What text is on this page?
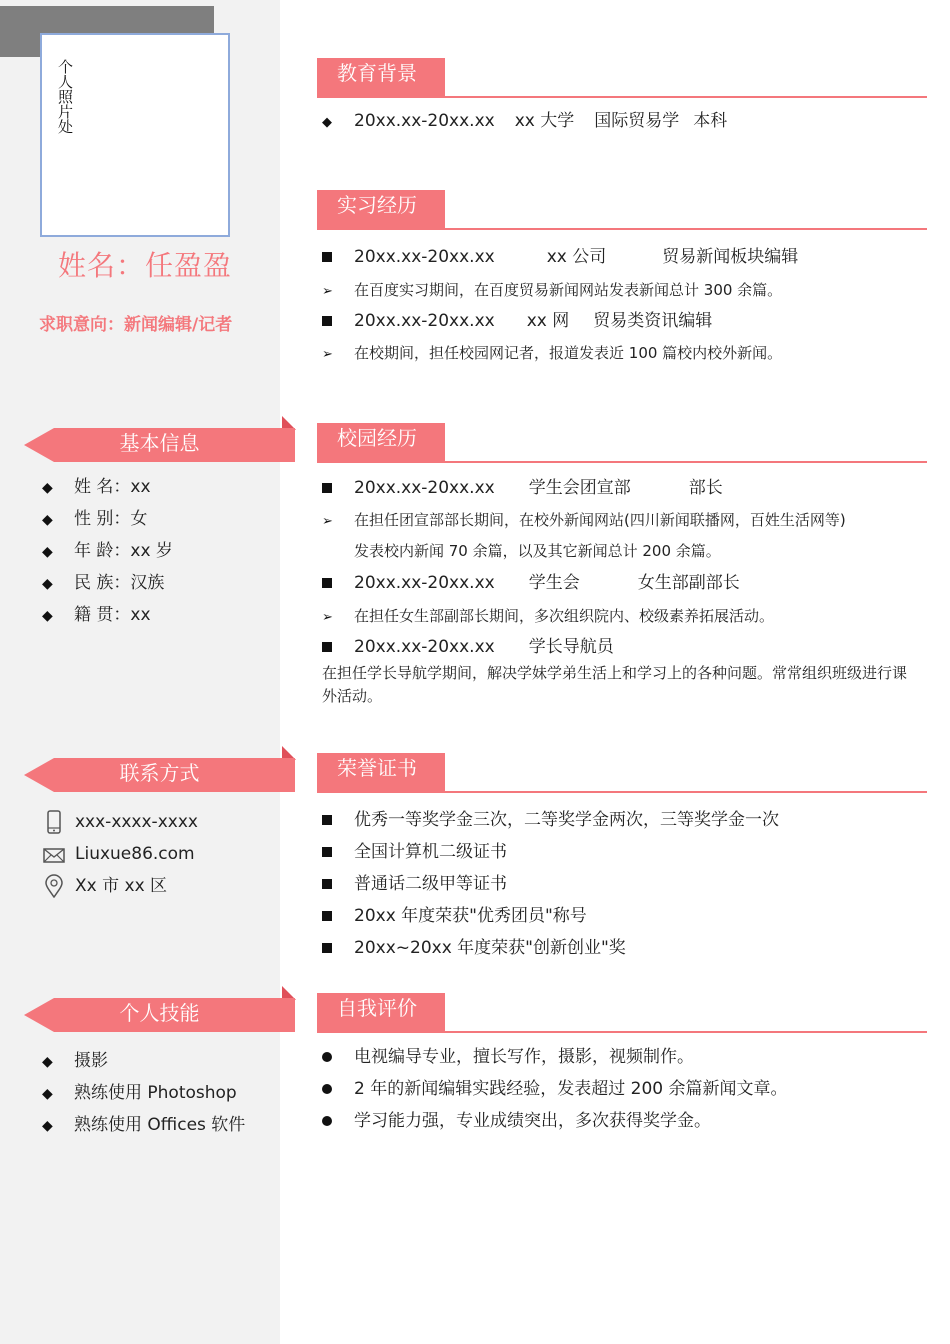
个人照片处
姓名：任盈盈
求职意向：新闻编辑/记者
基本信息
◆ 姓 名：xx
◆ 性 别：女
◆ 年 龄：xx 岁
◆ 民 族：汉族
◆ 籍 贯：xx
联系方式
xxx-xxxx-xxxx
Liuxue86.com
Xx 市 xx 区
个人技能
◆ 摄影
◆ 熟练使用 Photoshop
◆ 熟练使用 Offices 软件
教育背景
◆ 20xx.xx-20xx.xx xx 大学 国际贸易学 本科
实习经历
20xx.xx-20xx.xx	xx 公司	贸易新闻板块编辑
➢ 在百度实习期间，在百度贸易新闻网站发表新闻总计 300 余篇。
20xx.xx-20xx.xx xx 网 贸易类资讯编辑
➢ 在校期间，担任校园网记者，报道发表近 100 篇校内校外新闻。
校园经历
20xx.xx-20xx.xx 学生会团宣部	部长
➢ 在担任团宣部部长期间，在校外新闻网站(四川新闻联播网，百姓生活网等)
发表校内新闻 70 余篇，以及其它新闻总计 200 余篇。
20xx.xx-20xx.xx 学生会	女生部副部长
➢ 在担任女生部副部长期间，多次组织院内、校级素养拓展活动。
20xx.xx-20xx.xx 学长导航员
在担任学长导航学期间，解决学妹学弟生活上和学习上的各种问题。常常组织班级进行课外活动。
荣誉证书
优秀一等奖学金三次，二等奖学金两次，三等奖学金一次
全国计算机二级证书
普通话二级甲等证书
20xx 年度荣获"优秀团员"称号
20xx~20xx 年度荣获"创新创业"奖
自我评价
电视编导专业，擅长写作，摄影，视频制作。
2 年的新闻编辑实践经验，发表超过 200 余篇新闻文章。
学习能力强，专业成绩突出，多次获得奖学金。
